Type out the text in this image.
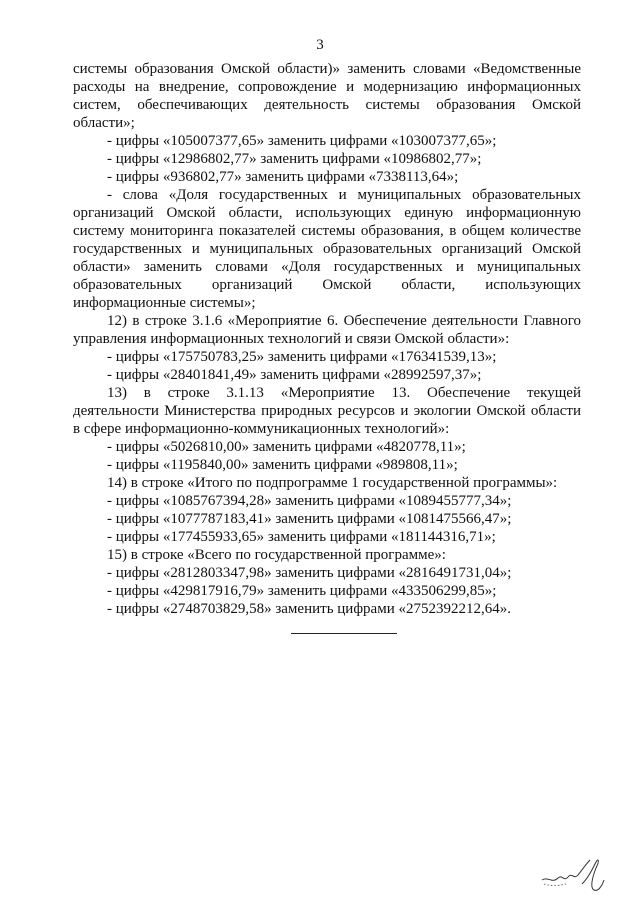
3
системы образования Омской области)» заменить словами «Ведомственные
расходы на внедрение, сопровождение и модернизацию информационных
систем, обеспечивающих деятельность системы образования Омской
области»;
- цифры «105007377,65» заменить цифрами «103007377,65»;
- цифры «12986802,77» заменить цифрами «10986802,77»;
- цифры «936802,77» заменить цифрами «7338113,64»;
- слова «Доля государственных и муниципальных образовательных
организаций Омской области, использующих единую информационную
систему мониторинга показателей системы образования, в общем количестве
государственных и муниципальных образовательных организаций Омской
области» заменить словами «Доля государственных и муниципальных
образовательных организаций Омской области, использующих
информационные системы»;
12) в строке 3.1.6 «Мероприятие 6. Обеспечение деятельности Главного
управления информационных технологий и связи Омской области»:
- цифры «175750783,25» заменить цифрами «176341539,13»;
- цифры «28401841,49» заменить цифрами «28992597,37»;
13) в строке 3.1.13 «Мероприятие 13. Обеспечение текущей
деятельности Министерства природных ресурсов и экологии Омской области
в сфере информационно-коммуникационных технологий»:
- цифры «5026810,00» заменить цифрами «4820778,11»;
- цифры «1195840,00» заменить цифрами «989808,11»;
14) в строке «Итого по подпрограмме 1 государственной программы»:
- цифры «1085767394,28» заменить цифрами «1089455777,34»;
- цифры «1077787183,41» заменить цифрами «1081475566,47»;
- цифры «177455933,65» заменить цифрами «181144316,71»;
15) в строке «Всего по государственной программе»:
- цифры «2812803347,98» заменить цифрами «2816491731,04»;
- цифры «429817916,79» заменить цифрами «433506299,85»;
- цифры «2748703829,58» заменить цифрами «2752392212,64».
